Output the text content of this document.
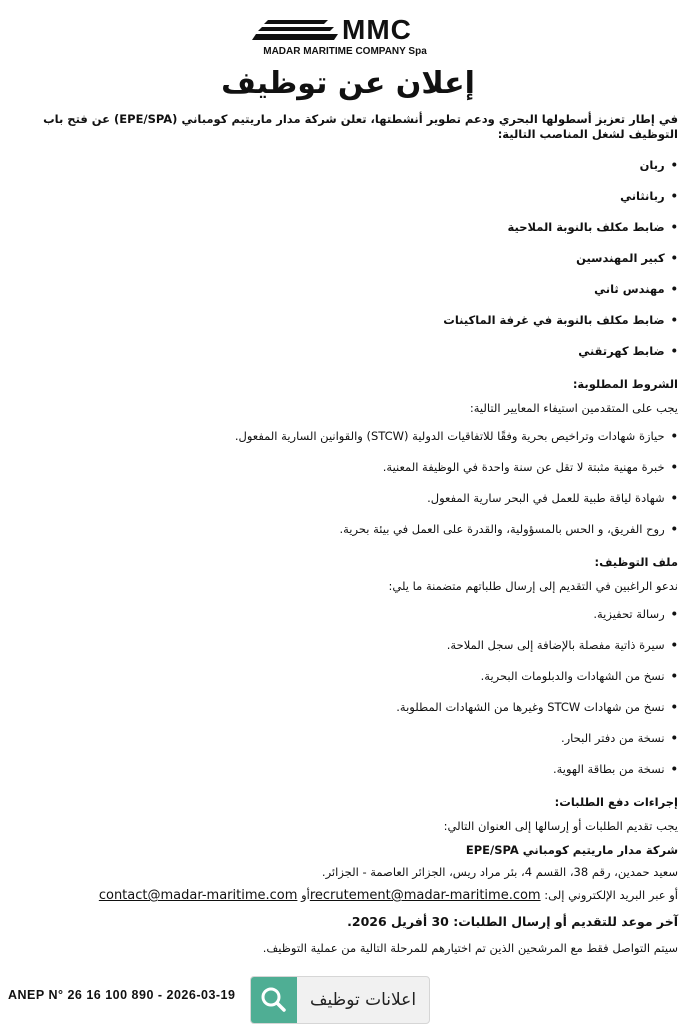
MMC
MADAR MARITIME COMPANY Spa
إعلان عن توظيف

في إطار تعزيز أسطولها البحري ودعم تطوير أنشطتها، تعلن شركة مدار ماريتيم كومباني (EPE/SPA) عن فتح باب التوظيف لشغل المناصب التالية:

• ربان
• ربانثاني
• ضابط مكلف بالنوبة الملاحية
• كبير المهندسين
• مهندس ثاني
• ضابط مكلف بالنوبة في غرفة الماكينات
• ضابط كهرتقني
الشروط المطلوبة:
يجب على المتقدمين استيفاء المعايير التالية:
• حيازة شهادات وتراخيص بحرية وفقًا للاتفاقيات الدولية (STCW) والقوانين السارية المفعول.
• خبرة مهنية مثبتة لا تقل عن سنة واحدة في الوظيفة المعنية.
• شهادة لياقة طبية للعمل في البحر سارية المفعول.
• روح الفريق، و الحس بالمسؤولية، والقدرة على العمل في بيئة بحرية.
ملف التوظيف:
ندعو الراغبين في التقديم إلى إرسال طلباتهم متضمنة ما يلي:
• رسالة تحفيزية.
• سيرة ذاتية مفصلة بالإضافة إلى سجل الملاحة.
• نسخ من الشهادات والدبلومات البحرية.
• نسخ من شهادات STCW وغيرها من الشهادات المطلوبة.
• نسخة من دفتر البحار.
• نسخة من بطاقة الهوية.
إجراءات دفع الطلبات:
يجب تقديم الطلبات أو إرسالها إلى العنوان التالي:
شركة مدار ماريتيم كومباني EPE/SPA
سعيد حمدين، رقم 38، القسم 4، بئر مراد ريس، الجزائر العاصمة - الجزائر.
أو عبر البريد الإلكتروني إلى: recrutement@madar-maritime.comأو contact@madar-maritime.com
آخر موعد للتقديم أو إرسال الطلبات: 30 أفريل 2026.
سيتم التواصل فقط مع المرشحين الذين تم اختيارهم للمرحلة التالية من عملية التوظيف.
ANEP N° 26 16 100 890 - 2026-03-19	اعلانات توظيف
